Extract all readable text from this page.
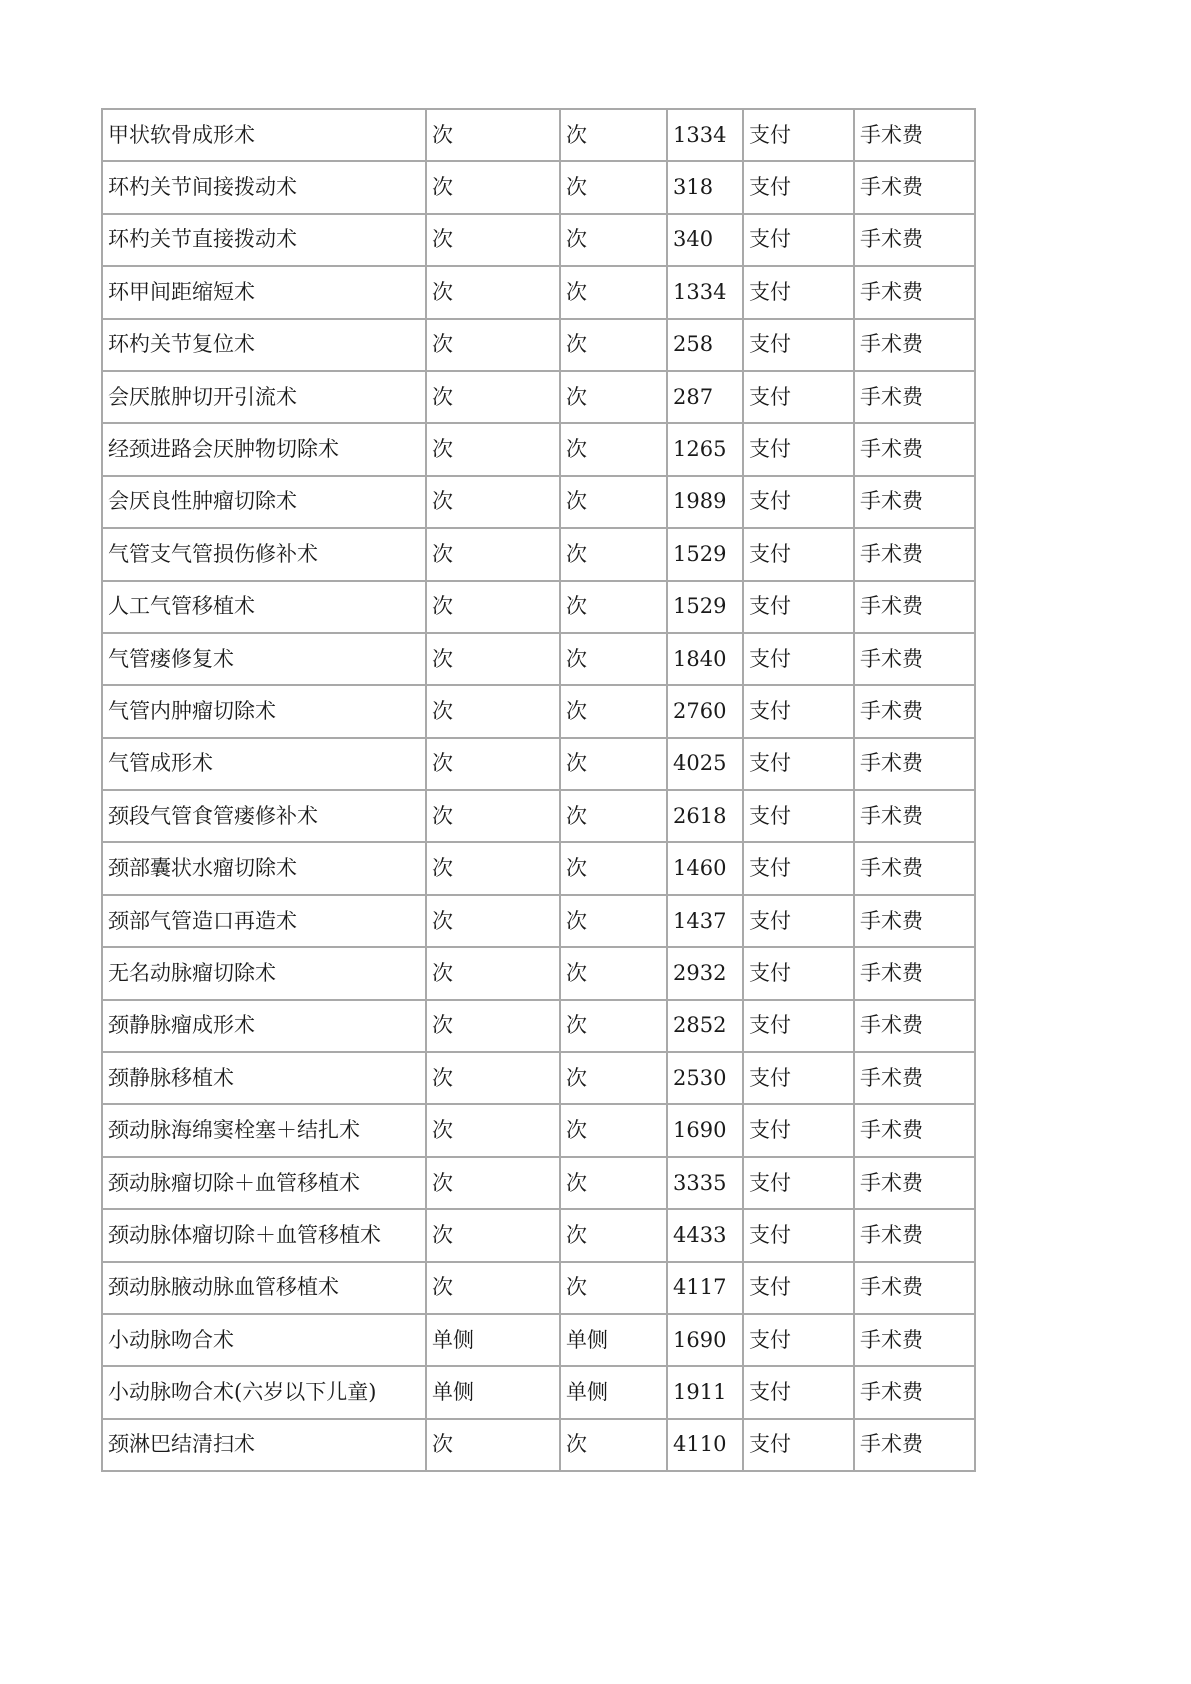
甲状软骨成形术	次	次	1334	支付	手术费
环杓关节间接拨动术	次	次	318	支付	手术费
环杓关节直接拨动术	次	次	340	支付	手术费
环甲间距缩短术	次	次	1334	支付	手术费
环杓关节复位术	次	次	258	支付	手术费
会厌脓肿切开引流术	次	次	287	支付	手术费
经颈进路会厌肿物切除术	次	次	1265	支付	手术费
会厌良性肿瘤切除术	次	次	1989	支付	手术费
气管支气管损伤修补术	次	次	1529	支付	手术费
人工气管移植术	次	次	1529	支付	手术费
气管瘘修复术	次	次	1840	支付	手术费
气管内肿瘤切除术	次	次	2760	支付	手术费
气管成形术	次	次	4025	支付	手术费
颈段气管食管瘘修补术	次	次	2618	支付	手术费
颈部囊状水瘤切除术	次	次	1460	支付	手术费
颈部气管造口再造术	次	次	1437	支付	手术费
无名动脉瘤切除术	次	次	2932	支付	手术费
颈静脉瘤成形术	次	次	2852	支付	手术费
颈静脉移植术	次	次	2530	支付	手术费
颈动脉海绵窦栓塞＋结扎术	次	次	1690	支付	手术费
颈动脉瘤切除＋血管移植术	次	次	3335	支付	手术费
颈动脉体瘤切除＋血管移植术	次	次	4433	支付	手术费
颈动脉腋动脉血管移植术	次	次	4117	支付	手术费
小动脉吻合术	单侧	单侧	1690	支付	手术费
小动脉吻合术(六岁以下儿童)	单侧	单侧	1911	支付	手术费
颈淋巴结清扫术	次	次	4110	支付	手术费
